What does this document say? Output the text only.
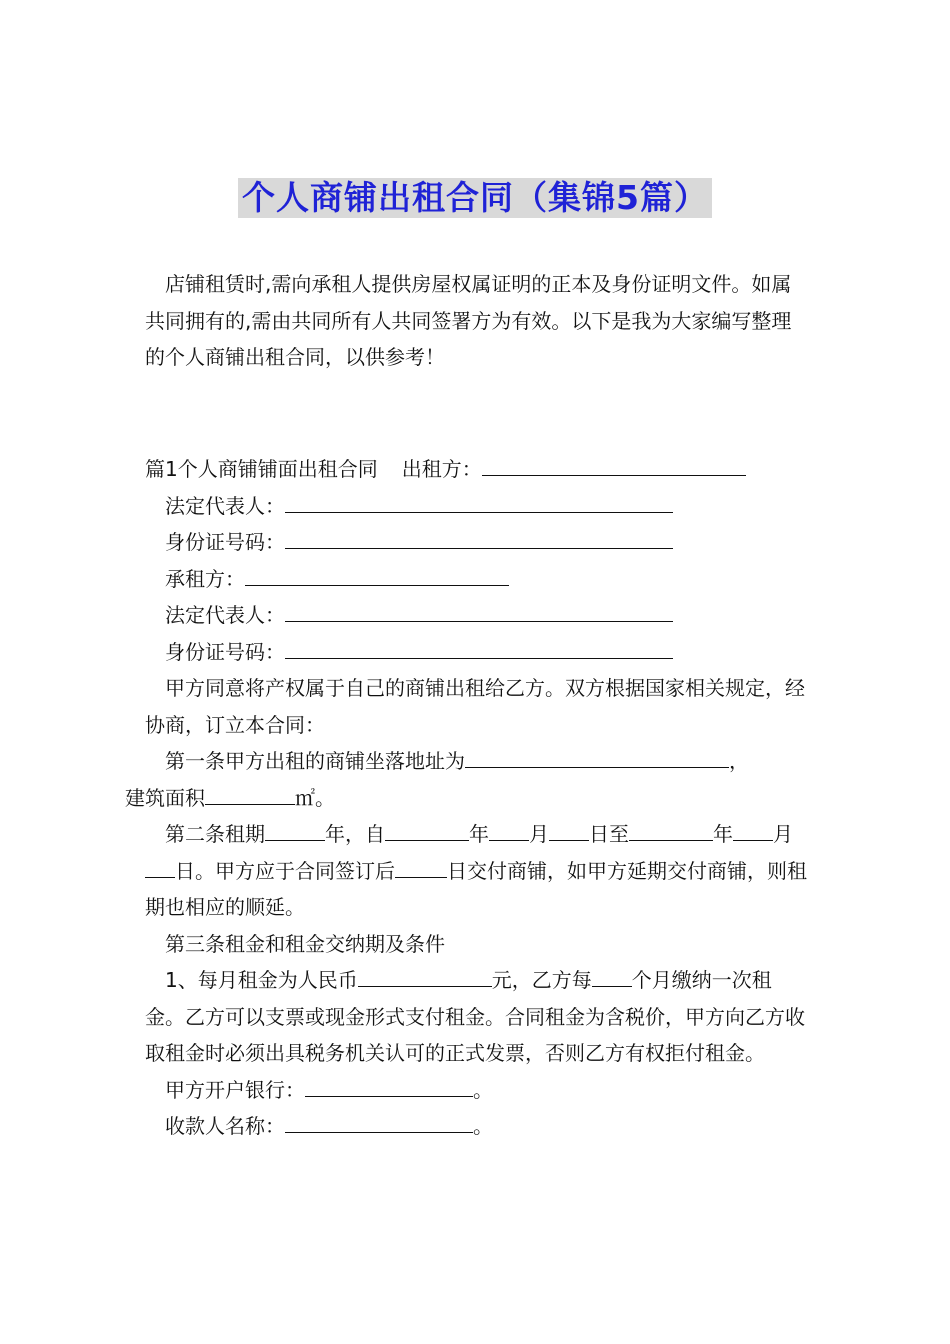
个人商铺出租合同（集锦5篇）

店铺租赁时,需向承租人提供房屋权属证明的正本及身份证明文件。如属共同拥有的,需由共同所有人共同签署方为有效。以下是我为大家编写整理的个人商铺出租合同，以供参考！

篇1个人商铺铺面出租合同 出租方：

法定代表人：

身份证号码：

承租方：

法定代表人：

身份证号码：

甲方同意将产权属于自己的商铺出租给乙方。双方根据国家相关规定，经协商，订立本合同：

第一条甲方出租的商铺坐落地址为	，
建筑面积	㎡。

第二条租期	年，自	年 月 日至	年 月日。甲方应于合同签订后	日交付商铺，如甲方延期交付商铺，则租期也相应的顺延。

第三条租金和租金交纳期及条件

1、每月租金为人民币	元，乙方每 个月缴纳一次租金。乙方可以支票或现金形式支付租金。合同租金为含税价，甲方向乙方收取租金时必须出具税务机关认可的正式发票，否则乙方有权拒付租金。

甲方开户银行：	。

收款人名称：	。
